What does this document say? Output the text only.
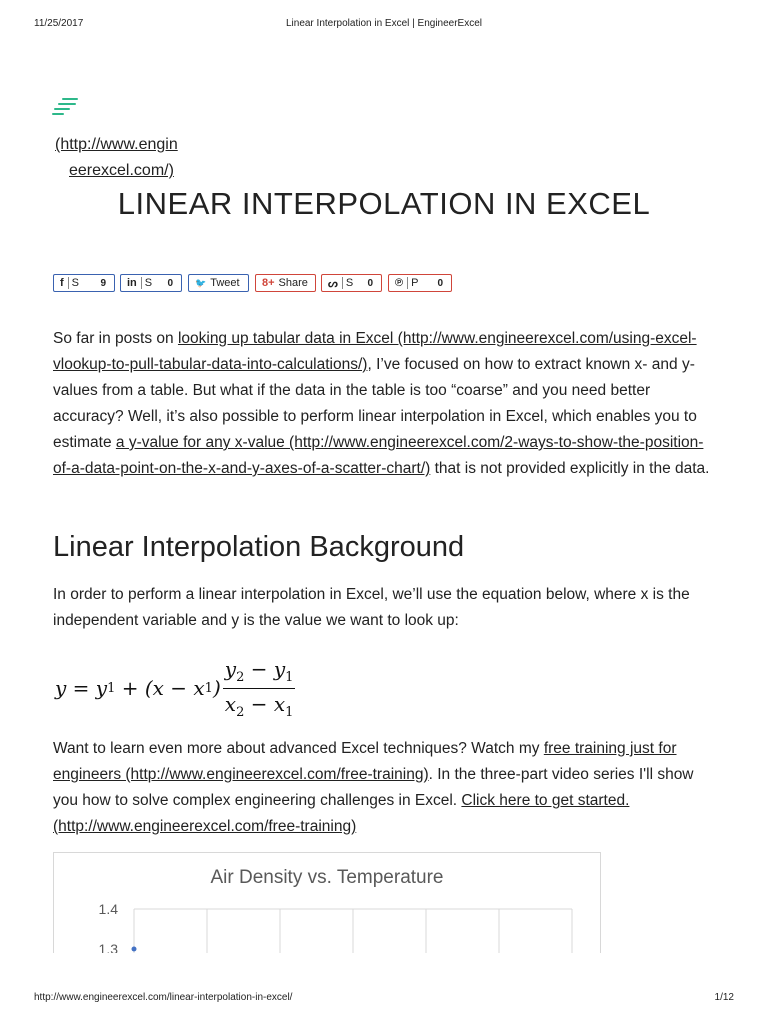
11/25/2017	Linear Interpolation in Excel | EngineerExcel
(http://www.engin
eerexcel.com/)
LINEAR INTERPOLATION IN EXCEL
f S 9	in S 0	🐦 Tweet	8+ Share	ᔕ S 0	℗ P 0

So far in posts on looking up tabular data in Excel (http://www.engineerexcel.com/using-excel-vlookup-to-pull-tabular-data-into-calculations/), I’ve focused on how to extract known x- and y-values from a table. But what if the data in the table is too “coarse” and you need better accuracy? Well, it’s also possible to perform linear interpolation in Excel, which enables you to estimate a y-value for any x-value (http://www.engineerexcel.com/2-ways-to-show-the-position-of-a-data-point-on-the-x-and-y-axes-of-a-scatter-chart/) that is not provided explicitly in the data.

Linear Interpolation Background

In order to perform a linear interpolation in Excel, we’ll use the equation below, where x is the independent variable and y is the value we want to look up:

y = y 1 + (x − x 1 ) $\frac{y_2 - y_1}{x_2 - x_1}$

Want to learn even more about advanced Excel techniques? Watch my free training just for engineers (http://www.engineerexcel.com/free-training). In the three-part video series I'll show you how to solve complex engineering challenges in Excel. Click here to get started. (http://www.engineerexcel.com/free-training)

Air Density vs. Temperature
1.4
1.3
http://www.engineerexcel.com/linear-interpolation-in-excel/	1/12
